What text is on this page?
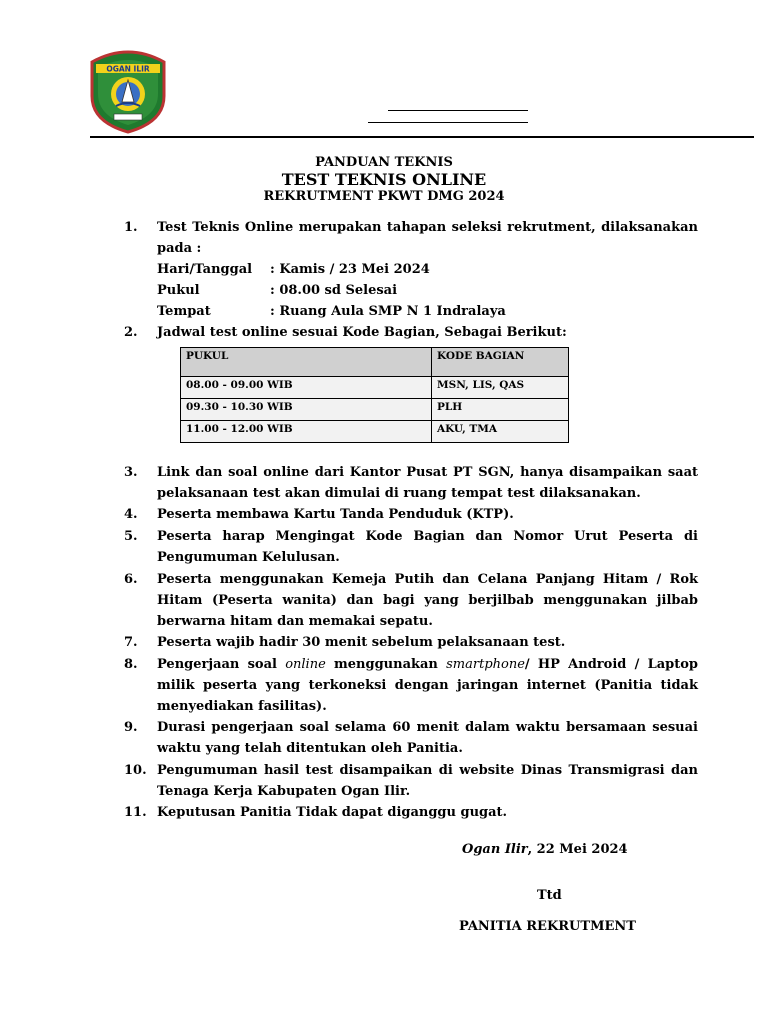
OGAN ILIR
PANDUAN TEKNIS
TEST TEKNIS ONLINE
REKRUTMENT PKWT DMG 2024
1. Test Teknis Online merupakan tahapan seleksi rekrutment, dilaksanakan
pada :
Hari/Tanggal : Kamis / 23 Mei 2024
Pukul	: 08.00 sd Selesai
Tempat	: Ruang Aula SMP N 1 Indralaya
2. Jadwal test online sesuai Kode Bagian, Sebagai Berikut:
PUKUL	KODE BAGIAN
08.00 - 09.00 WIB	MSN, LIS, QAS
09.30 - 10.30 WIB	PLH
11.00 - 12.00 WIB	AKU, TMA
3. Link dan soal online dari Kantor Pusat PT SGN, hanya disampaikan saat
pelaksanaan test akan dimulai di ruang tempat test dilaksanakan.
4. Peserta membawa Kartu Tanda Penduduk (KTP).
5. Peserta harap Mengingat Kode Bagian dan Nomor Urut Peserta di
Pengumuman Kelulusan.
6. Peserta menggunakan Kemeja Putih dan Celana Panjang Hitam / Rok
Hitam (Peserta wanita) dan bagi yang berjilbab menggunakan jilbab
berwarna hitam dan memakai sepatu.
7. Peserta wajib hadir 30 menit sebelum pelaksanaan test.
8. Pengerjaan soal online menggunakan smartphone/ HP Android / Laptop
milik peserta yang terkoneksi dengan jaringan internet (Panitia tidak
menyediakan fasilitas).
9. Durasi pengerjaan soal selama 60 menit dalam waktu bersamaan sesuai
waktu yang telah ditentukan oleh Panitia.
10. Pengumuman hasil test disampaikan di website Dinas Transmigrasi dan
Tenaga Kerja Kabupaten Ogan Ilir.
11. Keputusan Panitia Tidak dapat diganggu gugat.
Ogan Ilir, 22 Mei 2024
Ttd
PANITIA REKRUTMENT
